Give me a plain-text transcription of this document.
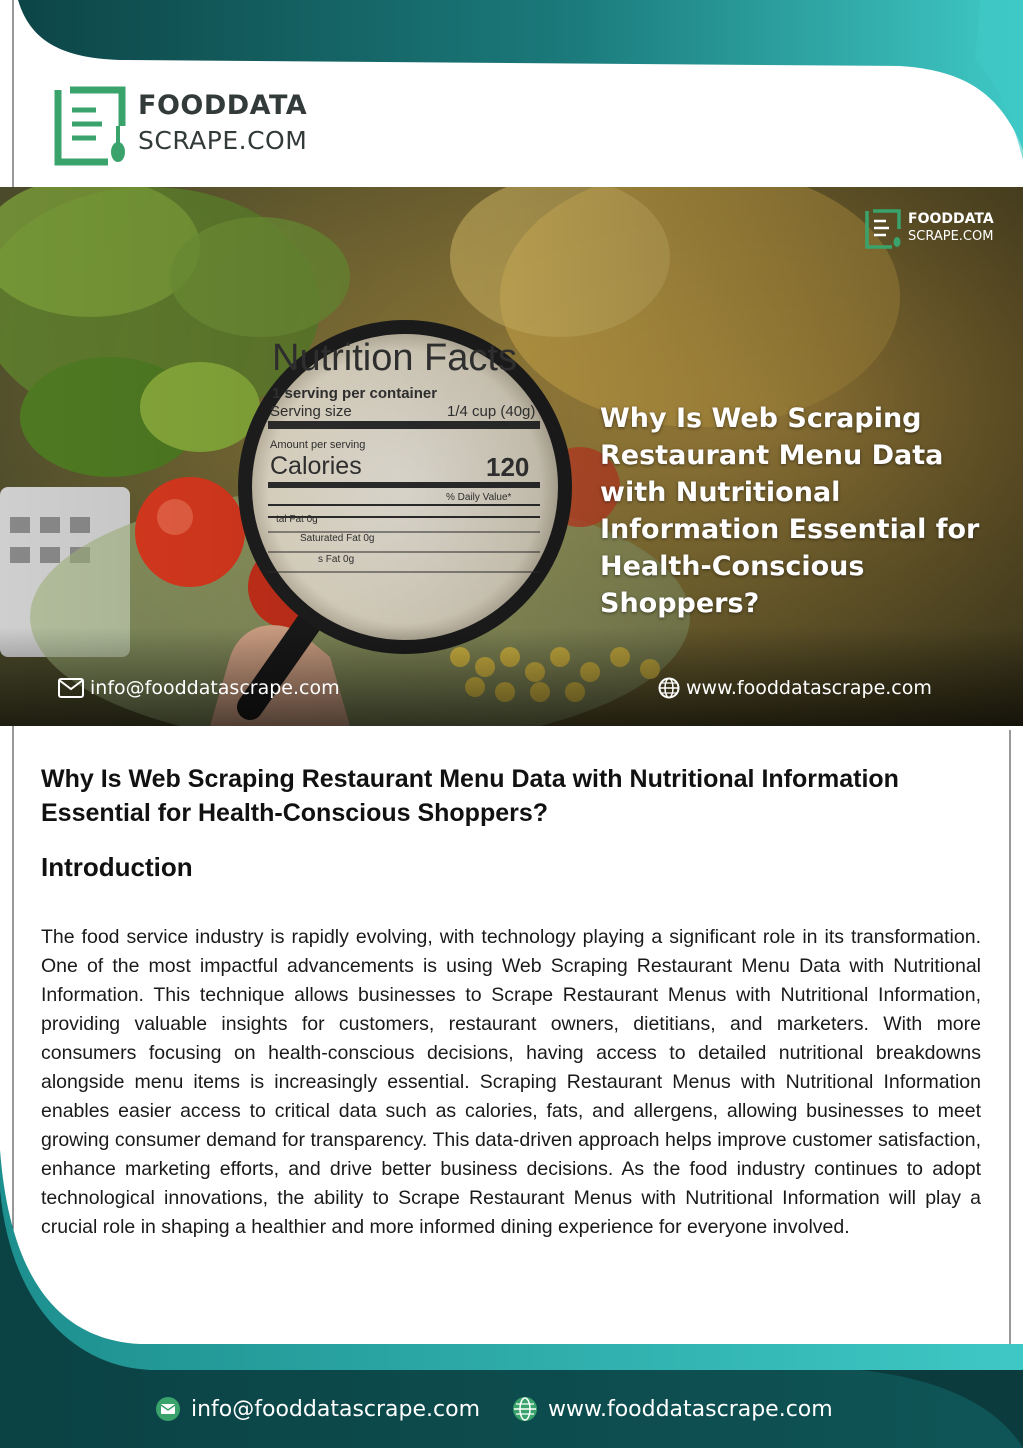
FOODDATA
SCRAPE.COM
Nutrition Facts
1 serving per container
Serving size	1/4 cup (40g)
Amount per serving
Calories	120
% Daily Value*
tal Fat 0g
Saturated Fat 0g
s Fat 0g
FOODDATA
SCRAPE.COM
Why Is Web Scraping Restaurant Menu Data with Nutritional Information Essential for Health-Conscious Shoppers?
info@fooddatascrape.com	www.fooddatascrape.com
Why Is Web Scraping Restaurant Menu Data with Nutritional Information Essential for Health-Conscious Shoppers?
Introduction
The food service industry is rapidly evolving, with technology playing a significant role in its transformation. One of the most impactful advancements is using Web Scraping Restaurant Menu Data with Nutritional Information. This technique allows businesses to Scrape Restaurant Menus with Nutritional Information, providing valuable insights for customers, restaurant owners, dietitians, and marketers. With more consumers focusing on health-conscious decisions, having access to detailed nutritional breakdowns alongside menu items is increasingly essential. Scraping Restaurant Menus with Nutritional Information enables easier access to critical data such as calories, fats, and allergens, allowing businesses to meet growing consumer demand for transparency. This data-driven approach helps improve customer satisfaction, enhance marketing efforts, and drive better business decisions. As the food industry continues to adopt technological innovations, the ability to Scrape Restaurant Menus with Nutritional Information will play a crucial role in shaping a healthier and more informed dining experience for everyone involved.
info@fooddatascrape.com	www.fooddatascrape.com
